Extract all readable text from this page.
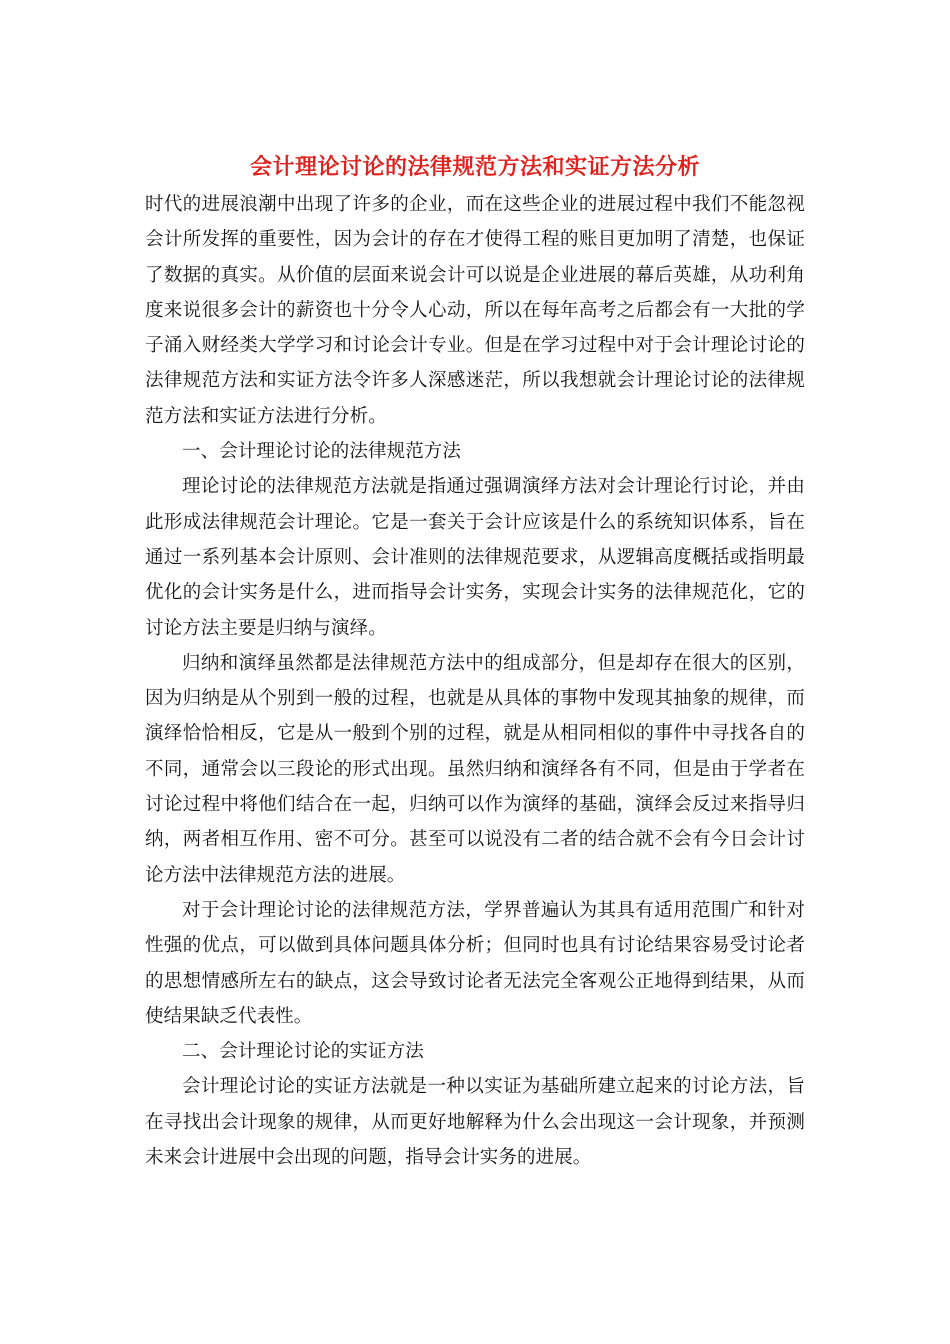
会计理论讨论的法律规范方法和实证方法分析

时代的进展浪潮中出现了许多的企业，而在这些企业的进展过程中我们不能忽视会计所发挥的重要性，因为会计的存在才使得工程的账目更加明了清楚，也保证了数据的真实。从价值的层面来说会计可以说是企业进展的幕后英雄，从功利角度来说很多会计的薪资也十分令人心动，所以在每年高考之后都会有一大批的学子涌入财经类大学学习和讨论会计专业。但是在学习过程中对于会计理论讨论的法律规范方法和实证方法令许多人深感迷茫，所以我想就会计理论讨论的法律规范方法和实证方法进行分析。

一、会计理论讨论的法律规范方法

理论讨论的法律规范方法就是指通过强调演绎方法对会计理论行讨论，并由此形成法律规范会计理论。它是一套关于会计应该是什么的系统知识体系，旨在通过一系列基本会计原则、会计准则的法律规范要求，从逻辑高度概括或指明最优化的会计实务是什么，进而指导会计实务，实现会计实务的法律规范化，它的讨论方法主要是归纳与演绎。

归纳和演绎虽然都是法律规范方法中的组成部分，但是却存在很大的区别，因为归纳是从个别到一般的过程，也就是从具体的事物中发现其抽象的规律，而演绎恰恰相反，它是从一般到个别的过程，就是从相同相似的事件中寻找各自的不同，通常会以三段论的形式出现。虽然归纳和演绎各有不同，但是由于学者在讨论过程中将他们结合在一起，归纳可以作为演绎的基础，演绎会反过来指导归纳，两者相互作用、密不可分。甚至可以说没有二者的结合就不会有今日会计讨论方法中法律规范方法的进展。

对于会计理论讨论的法律规范方法，学界普遍认为其具有适用范围广和针对性强的优点，可以做到具体问题具体分析；但同时也具有讨论结果容易受讨论者的思想情感所左右的缺点，这会导致讨论者无法完全客观公正地得到结果，从而使结果缺乏代表性。

二、会计理论讨论的实证方法

会计理论讨论的实证方法就是一种以实证为基础所建立起来的讨论方法，旨在寻找出会计现象的规律，从而更好地解释为什么会出现这一会计现象，并预测未来会计进展中会出现的问题，指导会计实务的进展。
